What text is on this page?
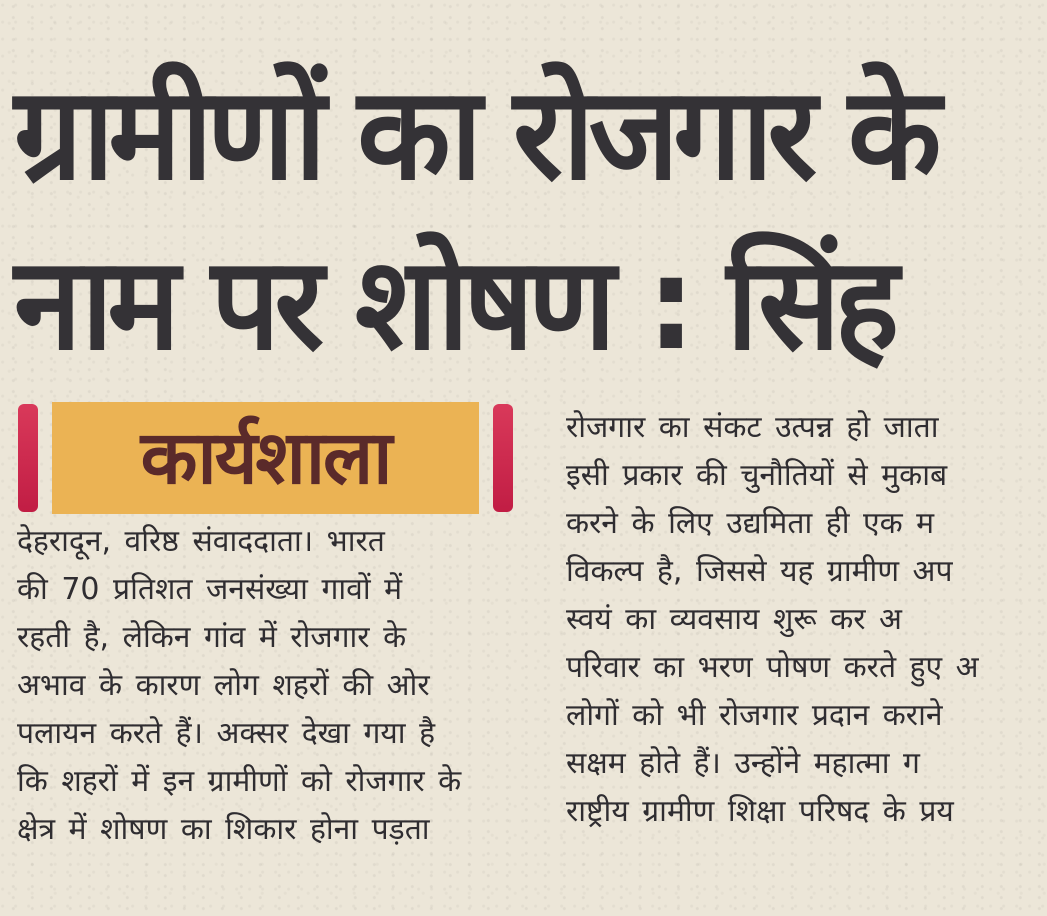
ग्रामीणों का रोजगार के
नाम पर शोषण : सिंह
कार्यशाला
देहरादून, वरिष्ठ संवाददाता। भारत
की 70 प्रतिशत जनसंख्या गावों में
रहती है, लेकिन गांव में रोजगार के
अभाव के कारण लोग शहरों की ओर
पलायन करते हैं। अक्सर देखा गया है
कि शहरों में इन ग्रामीणों को रोजगार के
क्षेत्र में शोषण का शिकार होना पड़ता
रोजगार का संकट उत्पन्न हो जाता
इसी प्रकार की चुनौतियों से मुकाब
करने के लिए उद्यमिता ही एक म
विकल्प है, जिससे यह ग्रामीण अप
स्वयं का व्यवसाय शुरू कर अ
परिवार का भरण पोषण करते हुए अ
लोगों को भी रोजगार प्रदान कराने
सक्षम होते हैं। उन्होंने महात्मा ग
राष्ट्रीय ग्रामीण शिक्षा परिषद के प्रय
